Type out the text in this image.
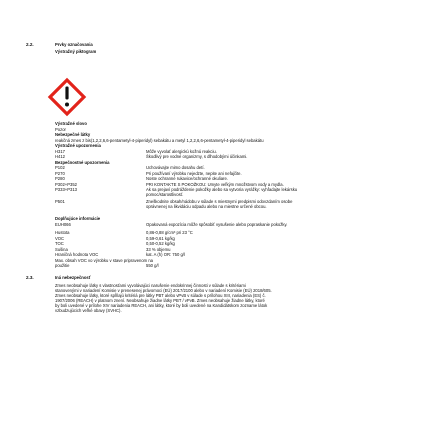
2.2.	Prvky označovania
Výstražný piktogram
Výstražné slovo
Pozor
Nebezpečné látky
reakčná zmes z bis(1,2,2,6,6-pentametyl-4-piperidyl) sebakátu a metyl 1,2,2,6,6-pentametyl-4-piperidyl sebakátu
Výstražné upozornenia
H317	Môže vyvolať alergickú kožnú reakciu.
H412	Škodlivý pre vodné organizmy, s dlhodobými účinkami.
Bezpečnostné upozornenia
P102	Uchovávajte mimo dosahu detí.
P270	Pri používaní výrobku nejedzte, nepite ani nefajčite.
P280	Noste ochranné rukavice/ochranné okuliare.
P302+P352	PRI KONTAKTE S POKOŽKOU: Umyte veľkým množstvom vody a mydla.
P333+P313	Ak sa prejaví podráždenie pokožky alebo sa vytvoria vyrážky: vyhľadajte lekársku
pomoc/starostlivosť.
P501	Zneškodnite obsah/nádobu v súlade s miestnymi predpismi odovzdaním osobe
oprávnenej na likvidáciu odpadu alebo na miestne určené obcou.
Doplňujúce informácie
EUH066	Opakovaná expozícia môže spôsobiť vysušenie alebo popraskanie pokožky.
Hustota	0,86-0,88 g/cm³ pri 23 °C
VOC	0,59-0,61 kg/kg
TOC	0,50-0,52 kg/kg
Sušina	33 % objemu
Hraničná hodnota VOC	kat. A (h) OR: 750 g/l
Max. obsah VOC vo výrobku v stave pripravenom na
použitie	550 g/l
2.3.	Iná nebezpečnosť
Zmes neobsahuje látky s vlastnosťami vyvolávajúci narušenie endokrinnej činnosti v súlade s kritériami
stanovenými v nariadení Komisie v prenesenej právomoci (EÚ) 2017/2100 alebo v nariadení Komisie (EÚ) 2018/605.
Zmes neobsahuje látky, ktoré spĺňajú kritériá pre látky PBT alebo vPvB v súlade s prílohou XIII, nariadenia (ES) č.
1907/2006 (REACH) v platnom znení. Neobsahuje žiadne látky PBT / vPvB. Zmes neobsahuje žiadne látky, ktoré
by boli uvedené v prílohe XIV nariadenia REACH, ani látky, ktoré by boli uvedené na Kandidátskom zozname látok
vzbudzujúcich veľké obavy (SVHC).
